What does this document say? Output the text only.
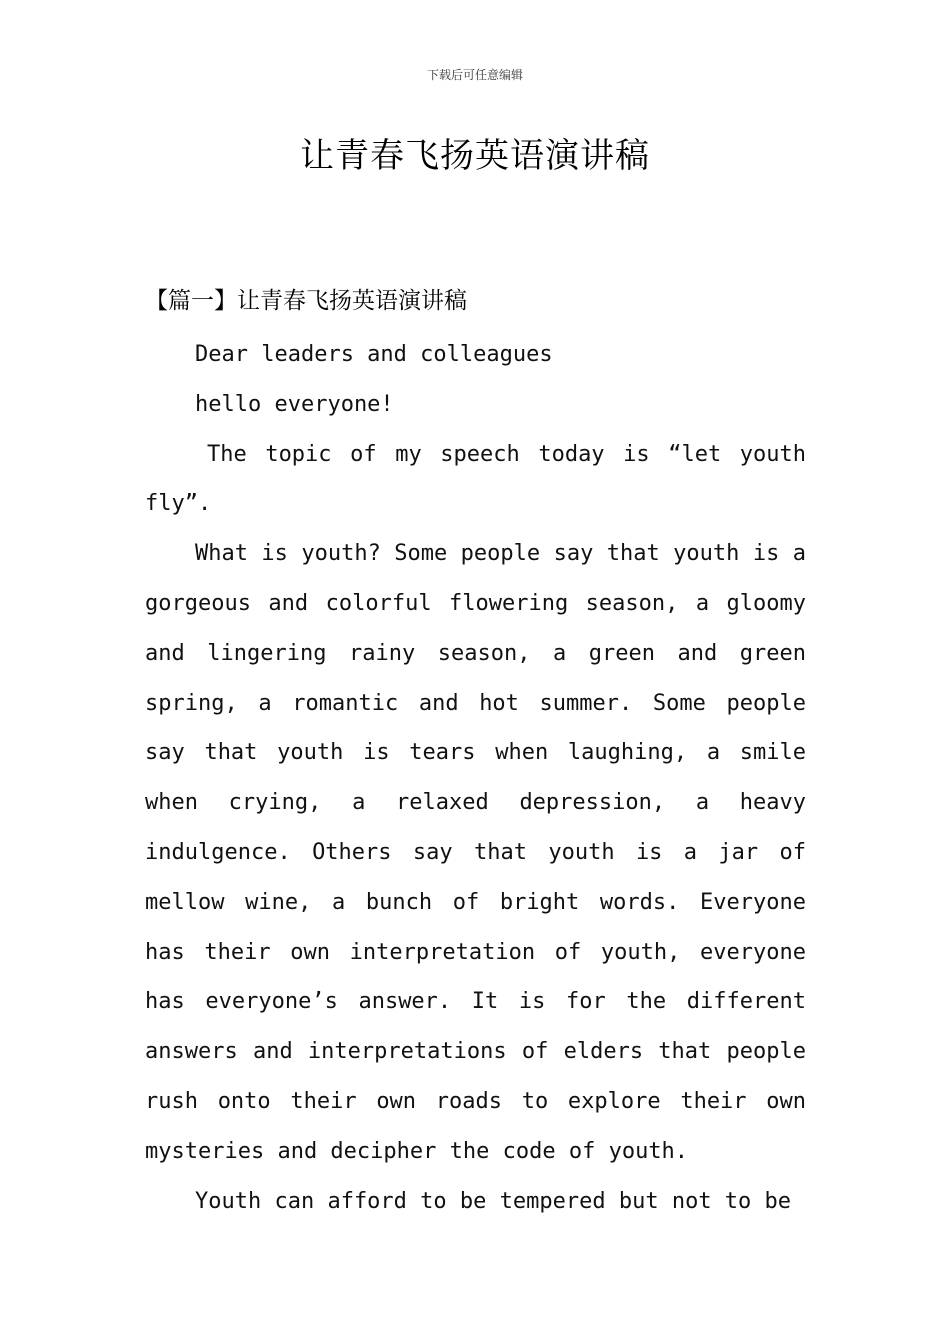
下载后可任意编辑
让青春飞扬英语演讲稿
【篇一】让青春飞扬英语演讲稿

Dear leaders and colleagues

hello everyone!

The topic of my speech today is “let youth fly”.

What is youth? Some people say that youth is a gorgeous and colorful flowering season, a gloomy and lingering rainy season, a green and green spring, a romantic and hot summer. Some people say that youth is tears when laughing, a smile when crying, a relaxed depression, a heavy indulgence. Others say that youth is a jar of mellow wine, a bunch of bright words. Everyone has their own interpretation of youth, everyone has everyone’s answer. It is for the different answers and interpretations of elders that people rush onto their own roads to explore their own mysteries and decipher the code of youth.

Youth can afford to be tempered but not to be
